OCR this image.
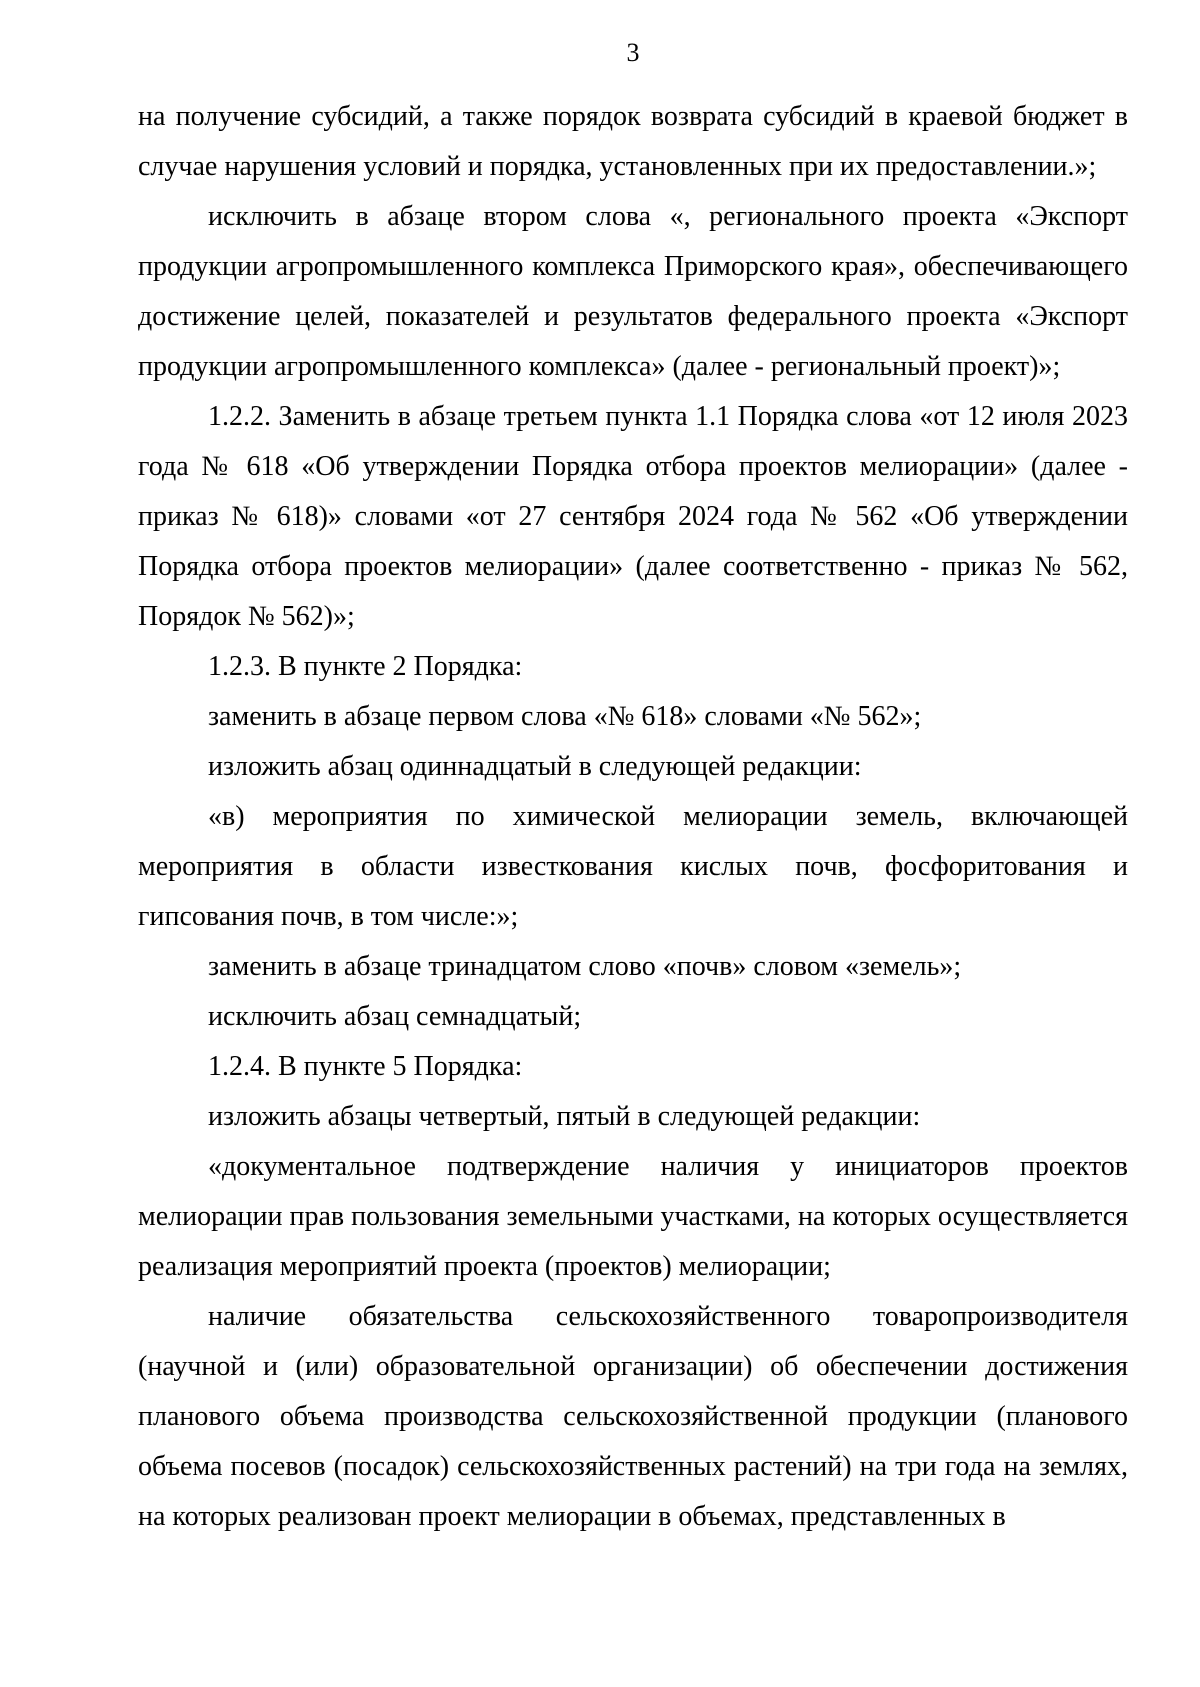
3

на получение субсидий, а также порядок возврата субсидий в краевой бюджет в случае нарушения условий и порядка, установленных при их предоставлении.»;

исключить в абзаце втором слова «, регионального проекта «Экспорт продукции агропромышленного комплекса Приморского края», обеспечивающего достижение целей, показателей и результатов федерального проекта «Экспорт продукции агропромышленного комплекса» (далее - региональный проект)»;

1.2.2. Заменить в абзаце третьем пункта 1.1 Порядка слова «от 12 июля 2023 года № 618 «Об утверждении Порядка отбора проектов мелиорации» (далее - приказ № 618)» словами «от 27 сентября 2024 года № 562 «Об утверждении Порядка отбора проектов мелиорации» (далее соответственно - приказ № 562, Порядок № 562)»;

1.2.3. В пункте 2 Порядка:

заменить в абзаце первом слова «№ 618» словами «№ 562»;

изложить абзац одиннадцатый в следующей редакции:

«в) мероприятия по химической мелиорации земель, включающей мероприятия в области известкования кислых почв, фосфоритования и гипсования почв, в том числе:»;

заменить в абзаце тринадцатом слово «почв» словом «земель»;

исключить абзац семнадцатый;

1.2.4. В пункте 5 Порядка:

изложить абзацы четвертый, пятый в следующей редакции:

«документальное подтверждение наличия у инициаторов проектов мелиорации прав пользования земельными участками, на которых осуществляется реализация мероприятий проекта (проектов) мелиорации;

наличие обязательства сельскохозяйственного товаропроизводителя (научной и (или) образовательной организации) об обеспечении достижения планового объема производства сельскохозяйственной продукции (планового объема посевов (посадок) сельскохозяйственных растений) на три года на землях, на которых реализован проект мелиорации в объемах, представленных в
